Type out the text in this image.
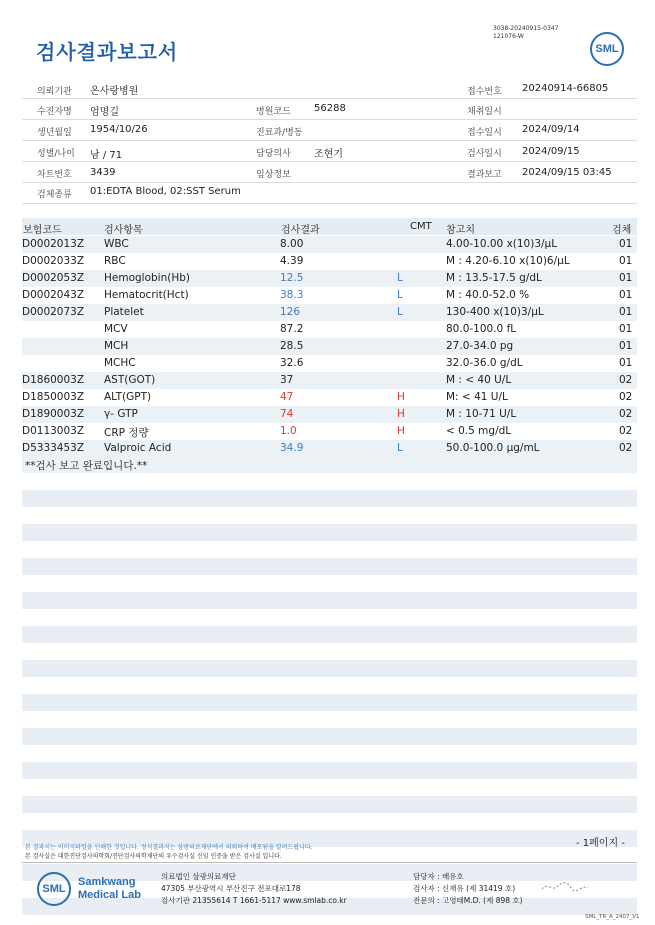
검사결과보고서
3038-20240915-0347
121076-W
SML
의뢰기관 온사랑병원	접수번호 20240914-66805
수진자명 엄명길	병원코드 56288	채취일시
생년월일 1954/10/26	진료과/병동	접수일시 2024/09/14
성별/나이 남 / 71	담당의사 조현기	검사일시 2024/09/15
차트번호 3439	임상정보	결과보고 2024/09/15 03:45
검체종류 01:EDTA Blood, 02:SST Serum
보험코드	검사항목	검사결과	CMT 참고치	검체
D0002013Z WBC	8.00	4.00-10.00 x(10)3/μL	01
D0002033Z RBC	4.39	M : 4.20-6.10 x(10)6/μL	01
D0002053Z Hemoglobin(Hb)	12.5	L	M : 13.5-17.5 g/dL	01
D0002043Z Hematocrit(Hct)	38.3	L	M : 40.0-52.0 %	01
D0002073Z Platelet	126	L	130-400 x(10)3/μL	01
MCV	87.2	80.0-100.0 fL	01
MCH	28.5	27.0-34.0 pg	01
MCHC	32.6	32.0-36.0 g/dL	01
D1860003Z AST(GOT)	37	M : < 40 U/L	02
D1850003Z ALT(GPT)	47	H	M: < 41 U/L	02
D1890003Z γ- GTP	74	H	M : 10-71 U/L	02
D0113003Z CRP 정량	1.0	H	< 0.5 mg/dL	02
D5333453Z Valproic Acid	34.9	L	50.0-100.0 μg/mL	02
**검사 보고 완료입니다.**
- 1페이지 -
본 결과지는 이미지파일을 인쇄한 것입니다. 정식결과지는 삼광의료재단에서 의뢰하여 배포됨을 알려드립니다.
본 검사실은 대한진단검사의학회/진단검사의학재단의 우수검사실 신임 인증을 받은 검사실 입니다.
SML
Samkwang
Medical Lab
의료법인 삼광의료재단
47305 부산광역시 부산진구 전포대로178
검사기관 21355614 T 1661-5117 www.smlab.co.kr
담당자 : 배유호
검사자 : 신재유 (제 31419 호)
전문의 : 고영태M.D. (제 898 호)
SML_TR_A_2407_V1
